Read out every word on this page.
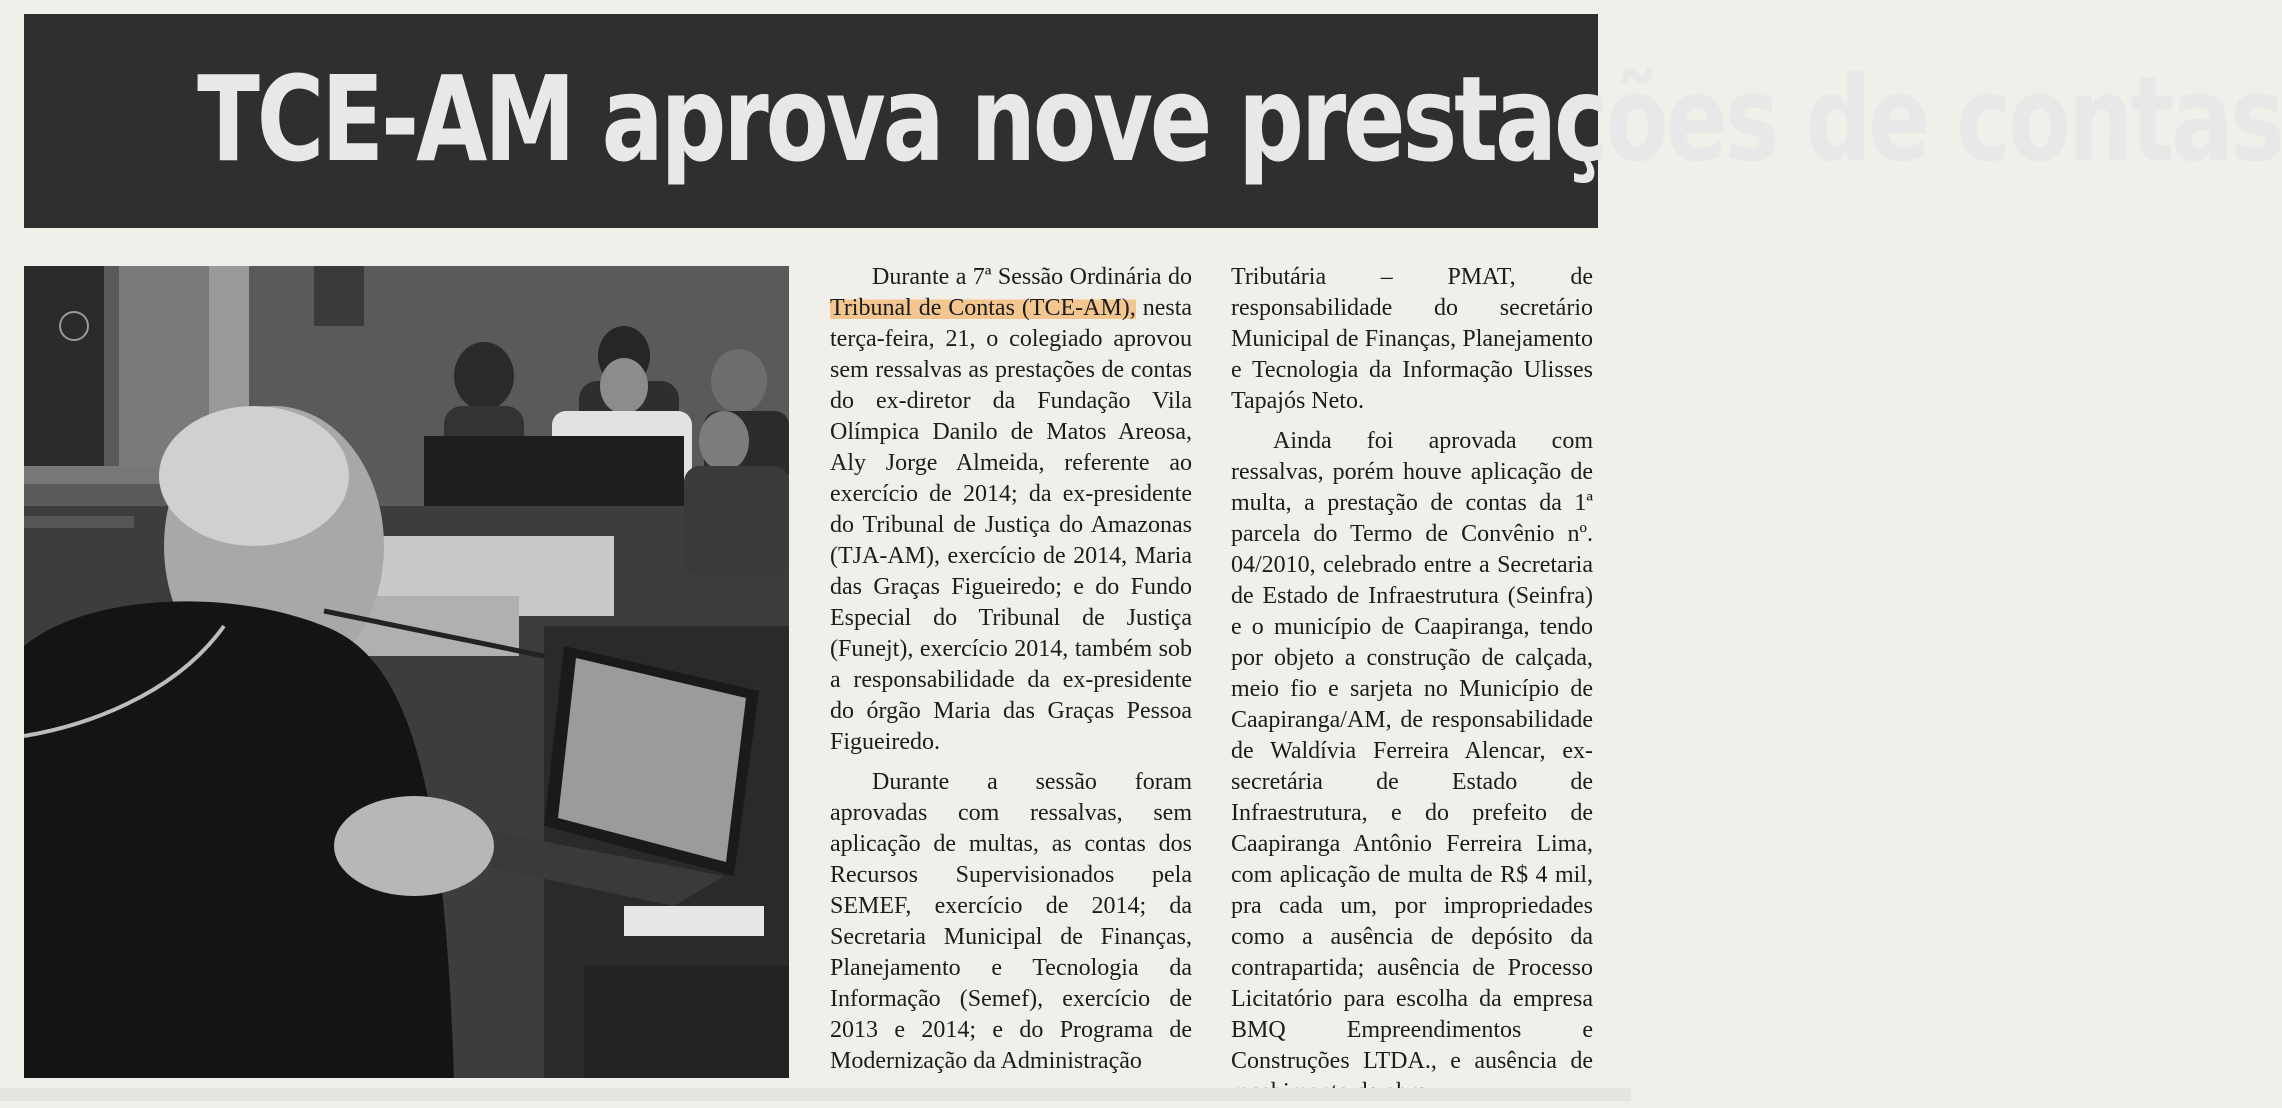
TCE-AM aprova nove prestações de contas

Durante a 7ª Sessão Ordinária do Tribunal de Contas (TCE-AM), nesta terça-feira, 21, o colegiado aprovou sem ressalvas as prestações de contas do ex-diretor da Fundação Vila Olímpica Danilo de Matos Areosa, Aly Jorge Almeida, referente ao exercício de 2014; da ex-presidente do Tribunal de Justiça do Amazonas (TJA-AM), exercício de 2014, Maria das Graças Figueiredo; e do Fundo Especial do Tribunal de Justiça (Funejt), exercício 2014, também sob a responsabilidade da ex-presidente do órgão Maria das Graças Pessoa Figueiredo.

Durante a sessão foram aprovadas com ressalvas, sem aplicação de multas, as contas dos Recursos Supervisionados pela SEMEF, exercício de 2014; da Secretaria Municipal de Finanças, Planejamento e Tecnologia da Informação (Semef), exercício de 2013 e 2014; e do Programa de Modernização da Administração

Tributária – PMAT, de responsabilidade do secretário Municipal de Finanças, Planejamento e Tecnologia da Informação Ulisses Tapajós Neto.

Ainda foi aprovada com ressalvas, porém houve aplicação de multa, a prestação de contas da 1ª parcela do Termo de Convênio nº. 04/2010, celebrado entre a Secretaria de Estado de Infraestrutura (Seinfra) e o município de Caapiranga, tendo por objeto a construção de calçada, meio fio e sarjeta no Município de Caapiranga/AM, de responsabilidade de Waldívia Ferreira Alencar, ex-secretária de Estado de Infraestrutura, e do prefeito de Caapiranga Antônio Ferreira Lima, com aplicação de multa de R$ 4 mil, pra cada um, por impropriedades como a ausência de depósito da contrapartida; ausência de Processo Licitatório para escolha da empresa BMQ Empreendimentos e Construções LTDA., e ausência de
